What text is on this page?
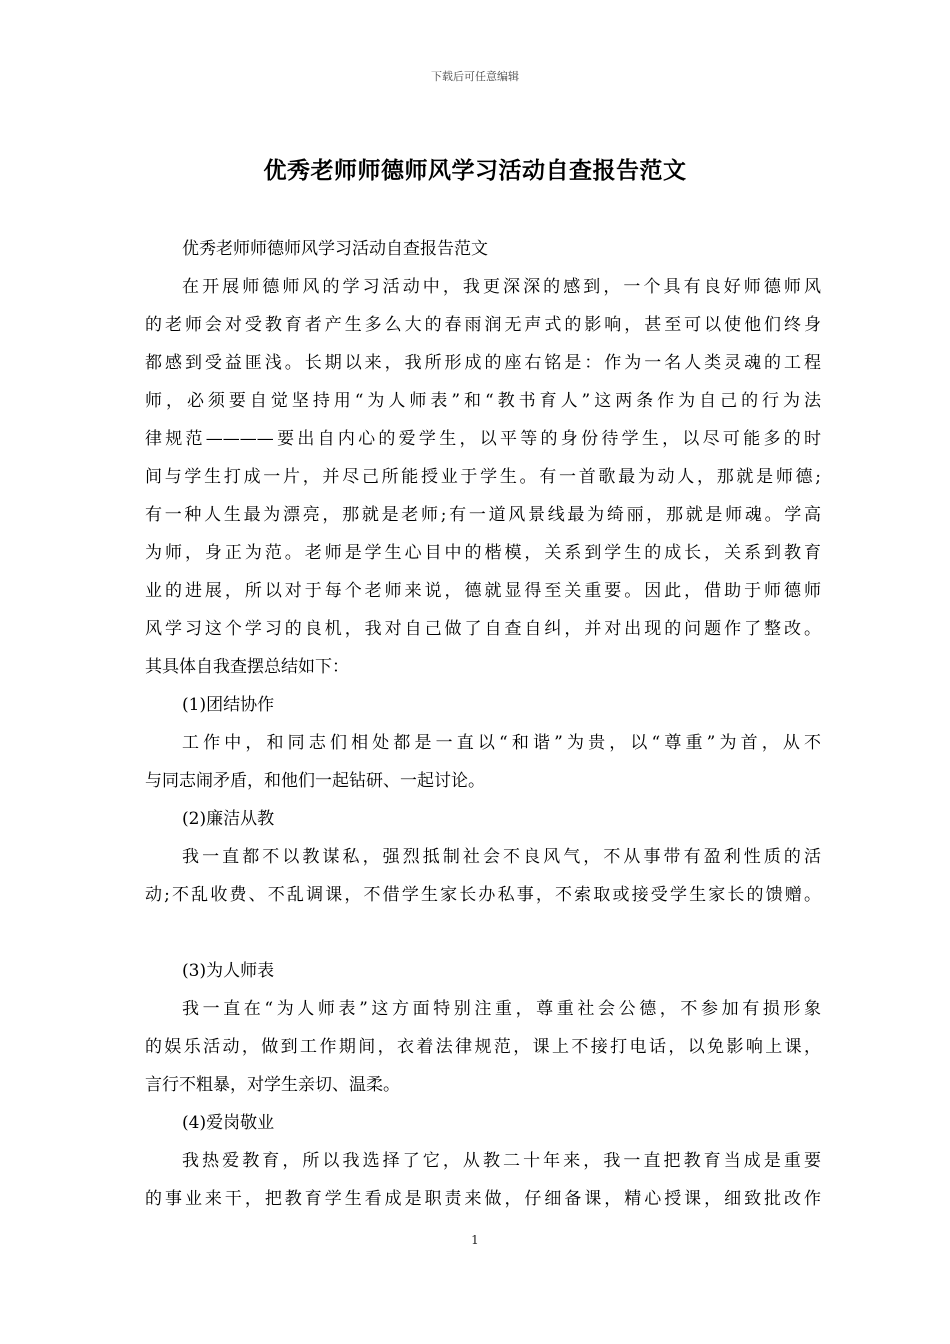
下载后可任意编辑
优秀老师师德师风学习活动自查报告范文
优秀老师师德师风学习活动自查报告范文
在开展师德师风的学习活动中，我更深深的感到，一个具有良好师德师风
的老师会对受教育者产生多么大的春雨润无声式的影响，甚至可以使他们终身
都感到受益匪浅。长期以来，我所形成的座右铭是：作为一名人类灵魂的工程
师，必须要自觉坚持用“为人师表”和“教书育人”这两条作为自己的行为法
律规范————要出自内心的爱学生，以平等的身份待学生，以尽可能多的时
间与学生打成一片，并尽己所能授业于学生。有一首歌最为动人，那就是师德;
有一种人生最为漂亮，那就是老师;有一道风景线最为绮丽，那就是师魂。学高
为师，身正为范。老师是学生心目中的楷模，关系到学生的成长，关系到教育
业的进展，所以对于每个老师来说，德就显得至关重要。因此，借助于师德师
风学习这个学习的良机，我对自己做了自查自纠，并对出现的问题作了整改。
其具体自我查摆总结如下：
(1)团结协作
工作中，和同志们相处都是一直以“和谐”为贵，以“尊重”为首，从不
与同志闹矛盾，和他们一起钻研、一起讨论。
(2)廉洁从教
我一直都不以教谋私，强烈抵制社会不良风气，不从事带有盈利性质的活
动;不乱收费、不乱调课，不借学生家长办私事，不索取或接受学生家长的馈赠。
(3)为人师表
我一直在“为人师表”这方面特别注重，尊重社会公德，不参加有损形象
的娱乐活动，做到工作期间，衣着法律规范，课上不接打电话，以免影响上课，
言行不粗暴，对学生亲切、温柔。
(4)爱岗敬业
我热爱教育，所以我选择了它，从教二十年来，我一直把教育当成是重要
的事业来干，把教育学生看成是职责来做，仔细备课，精心授课，细致批改作
1
